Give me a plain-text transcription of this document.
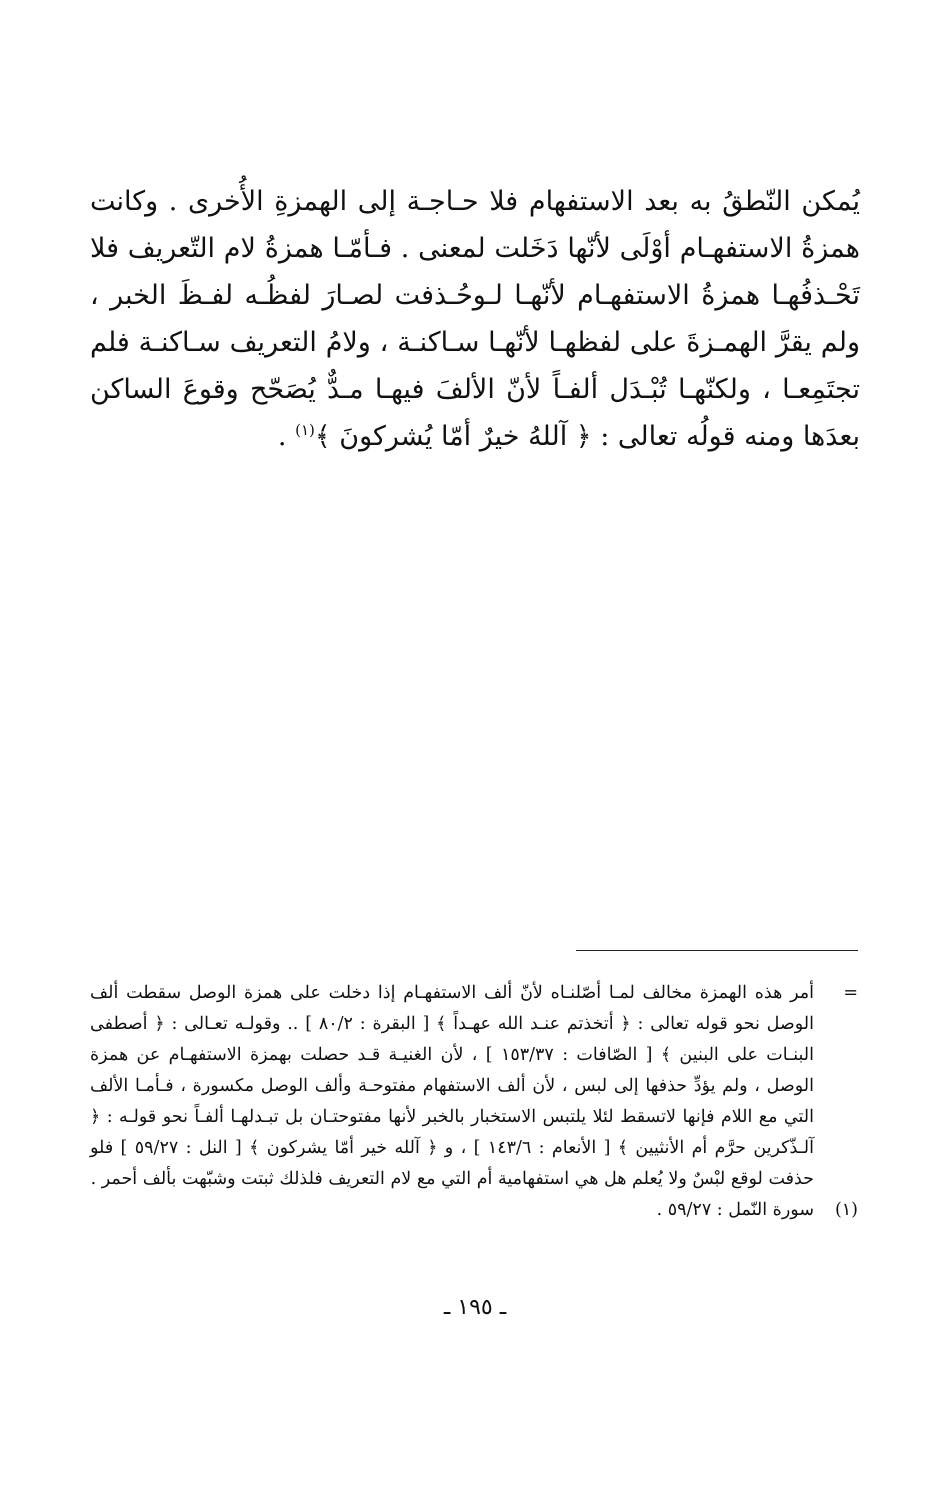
يُمكن النّطقُ به بعد الاستفهام فلا حـاجـة إلى الهمزةِ الأُخرى . وكانت همزةُ الاستفهـام أوْلَى لأنّها دَخَلت لمعنى . فـأمّـا همزةُ لام التّعريف فلا تَحْـذفُهـا همزةُ الاستفهـام لأنّهـا لـوحُـذفت لصـارَ لفظُـه لفـظَ الخبر ، ولم يقرَّ الهمـزةَ على لفظهـا لأنّهـا سـاكنـة ، ولامُ التعريف سـاكنـة فلم تجتَمِعـا ، ولكنّهـا تُبْـدَل ألفـاً لأنّ الألفَ فيهـا مـدٌّ يُصَحّح وقوعَ الساكن بعدَها ومنه قولُه تعالى : ﴿ آللهُ خيرٌ أمّا يُشركونَ ﴾$^{(١)}$ .

=
أمر هذه الهمزة مخالف لمـا أصّلنـاه لأنّ ألف الاستفهـام إذا دخلت على همزة الوصل سقطت ألف الوصل نحو قوله تعالى : ﴿ أتخذتم عنـد الله عهـداً ﴾ [ البقرة : ٨٠/٢ ] .. وقولـه تعـالى : ﴿ أصطفى البنـات على البنين ﴾ [ الصّافات : ١٥٣/٣٧ ] ، لأن الغنيـة قـد حصلت بهمزة الاستفهـام عن همزة الوصل ، ولم يؤدِّ حذفها إلى لبس ، لأن ألف الاستفهام مفتوحـة وألف الوصل مكسورة ، فـأمـا الألف التي مع اللام فإنها لاتسقط لئلا يلتبس الاستخبار بالخبر لأنها مفتوحتـان بل تبـدلهـا ألفـاً نحو قولـه : ﴿ آلـذّكرين حرَّم أم الأنثيين ﴾ [ الأنعام : ١٤٣/٦ ] ، و ﴿ آلله خير أمّا يشركون ﴾ [ النل : ٥٩/٢٧ ] فلو حذفت لوقع لبْسٌ ولا يُعلم هل هي استفهامية أم التي مع لام التعريف فلذلك ثبتت وشبّهت بألف أحمر .
(١)
سورة النّمل : ٥٩/٢٧ .
ـ ١٩٥ ـ
